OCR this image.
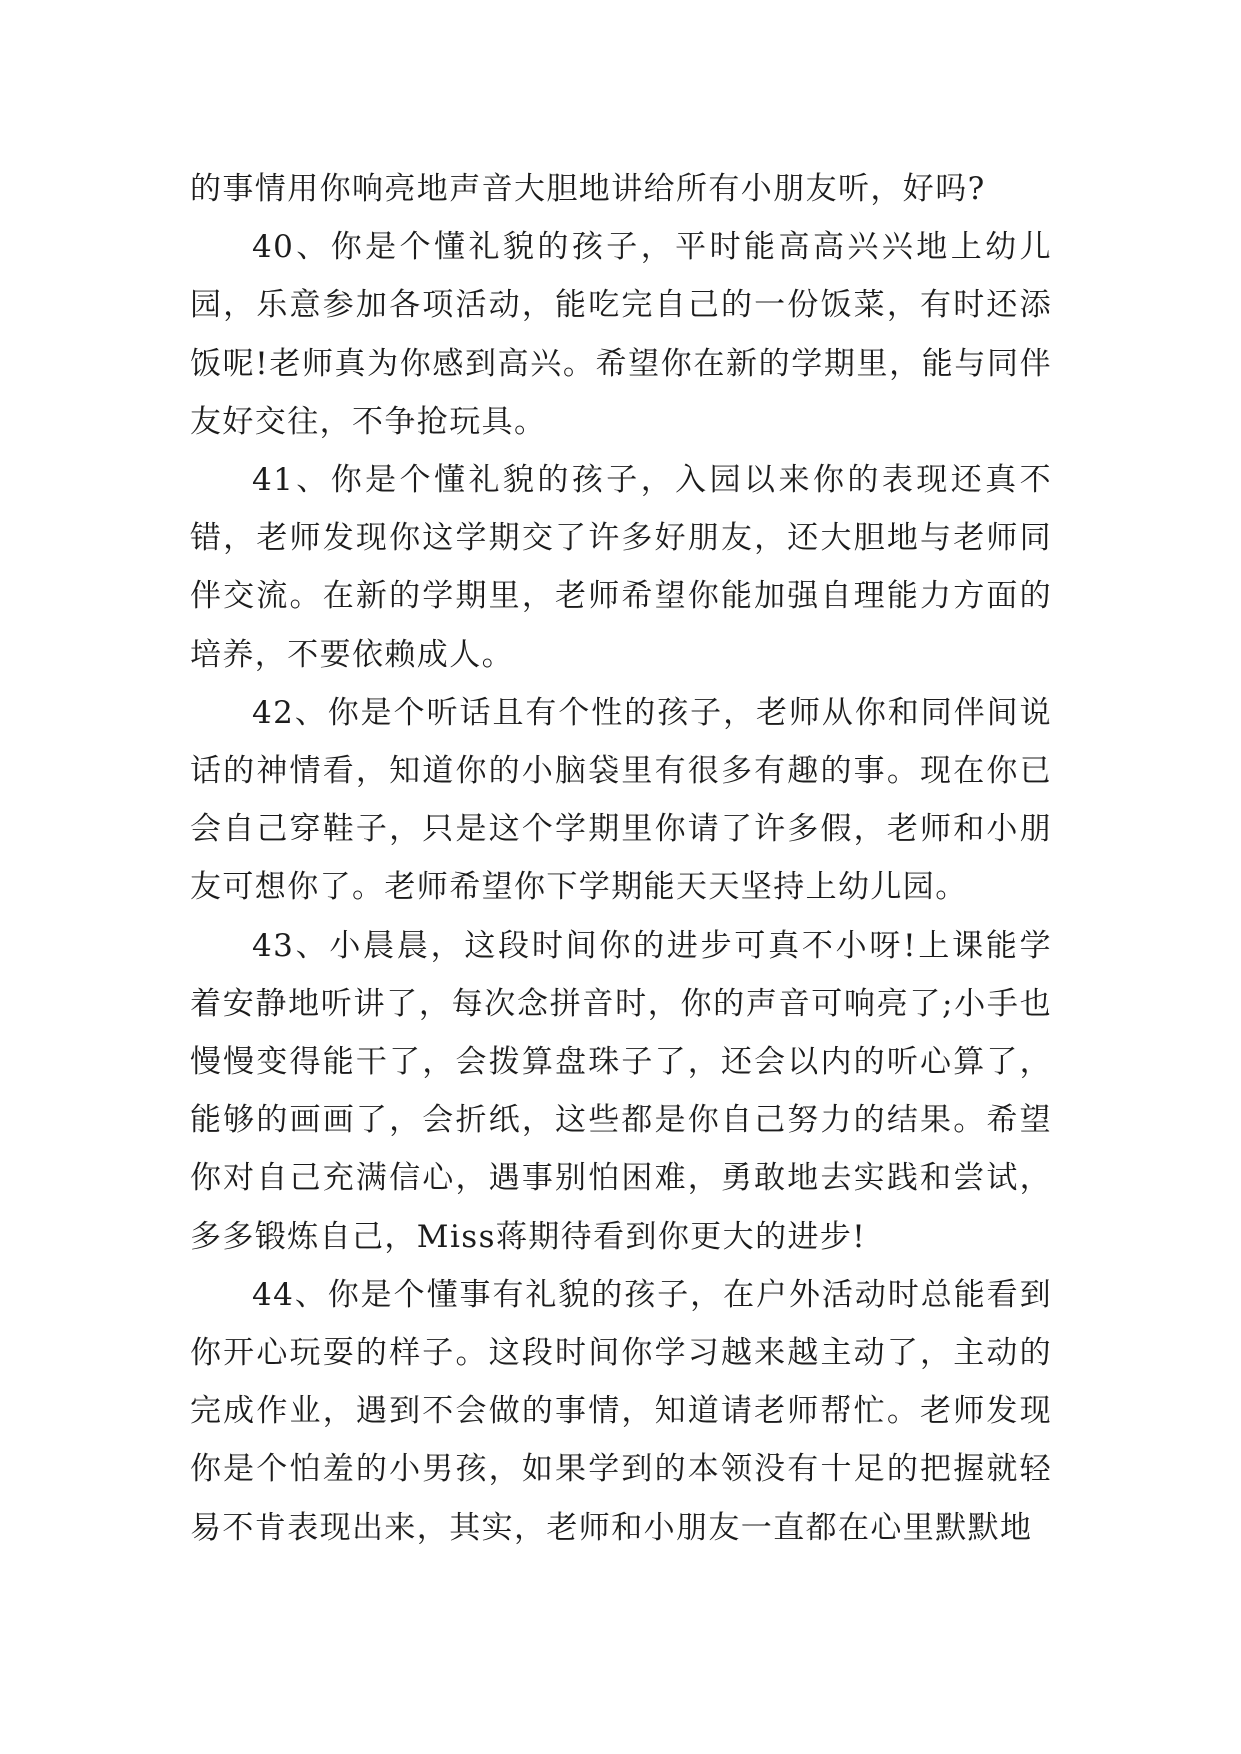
的事情用你响亮地声音大胆地讲给所有小朋友听，好吗?

40、你是个懂礼貌的孩子，平时能高高兴兴地上幼儿园，乐意参加各项活动，能吃完自己的一份饭菜，有时还添饭呢!老师真为你感到高兴。希望你在新的学期里，能与同伴友好交往，不争抢玩具。

41、你是个懂礼貌的孩子，入园以来你的表现还真不错，老师发现你这学期交了许多好朋友，还大胆地与老师同伴交流。在新的学期里，老师希望你能加强自理能力方面的培养，不要依赖成人。

42、你是个听话且有个性的孩子，老师从你和同伴间说话的神情看，知道你的小脑袋里有很多有趣的事。现在你已会自己穿鞋子，只是这个学期里你请了许多假，老师和小朋友可想你了。老师希望你下学期能天天坚持上幼儿园。

43、小晨晨，这段时间你的进步可真不小呀!上课能学着安静地听讲了，每次念拼音时，你的声音可响亮了;小手也慢慢变得能干了，会拨算盘珠子了，还会以内的听心算了，能够的画画了，会折纸，这些都是你自己努力的结果。希望你对自己充满信心，遇事别怕困难，勇敢地去实践和尝试，多多锻炼自己，Miss蒋期待看到你更大的进步!

44、你是个懂事有礼貌的孩子，在户外活动时总能看到你开心玩耍的样子。这段时间你学习越来越主动了，主动的完成作业，遇到不会做的事情，知道请老师帮忙。老师发现你是个怕羞的小男孩，如果学到的本领没有十足的把握就轻易不肯表现出来，其实，老师和小朋友一直都在心里默默地
